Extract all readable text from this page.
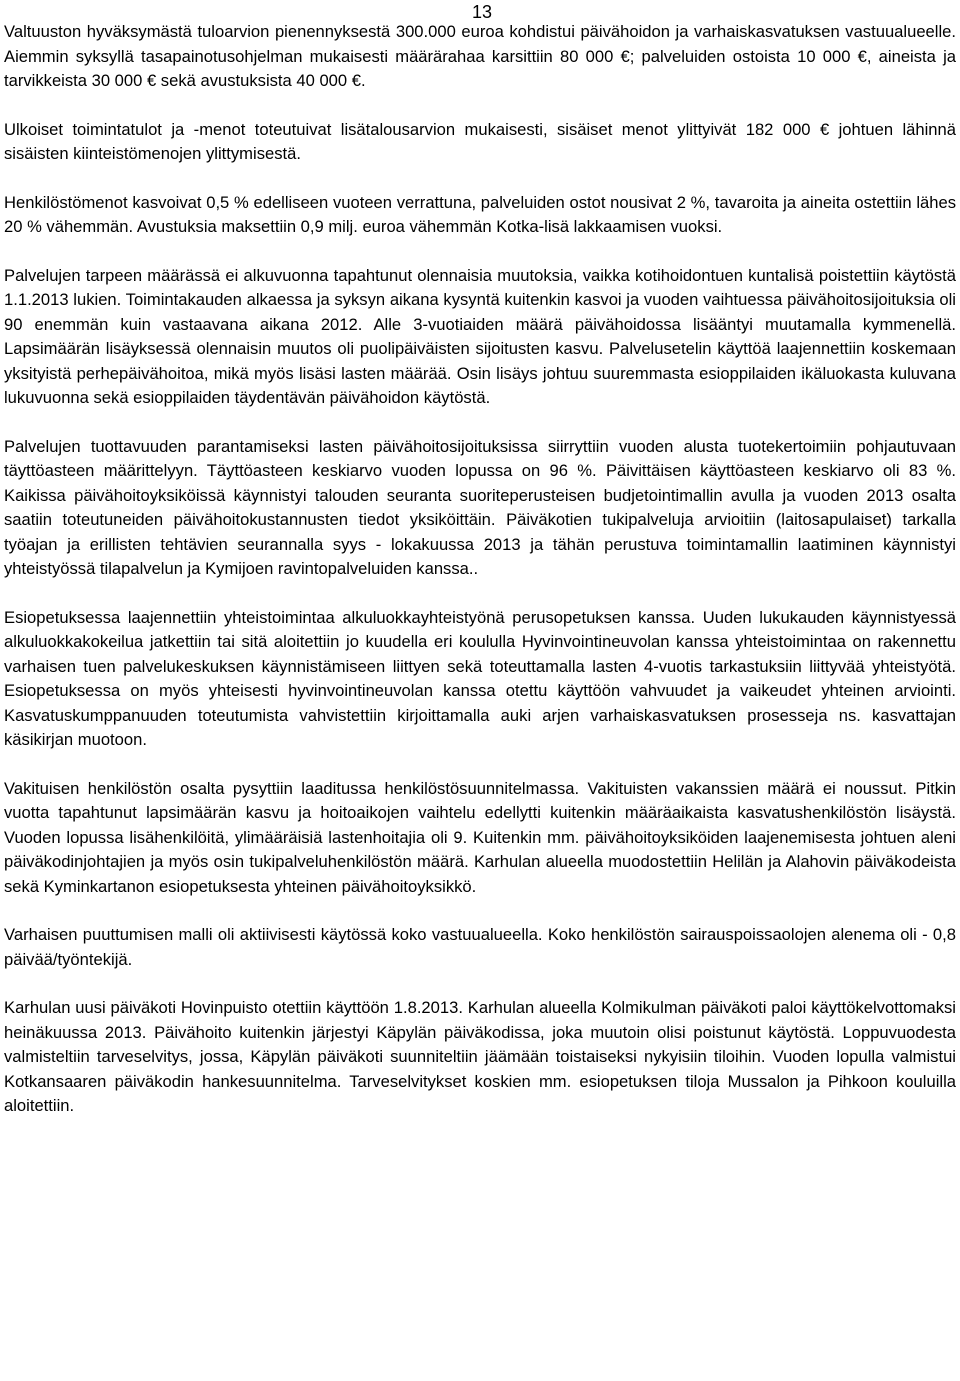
13

Valtuuston hyväksymästä tuloarvion pienennyksestä 300.000 euroa kohdistui päivähoidon ja varhaiskasvatuksen vastuualueelle. Aiemmin syksyllä tasapainotusohjelman mukaisesti määrärahaa karsittiin 80 000 €; palveluiden ostoista 10 000 €, aineista ja tarvikkeista 30 000 € sekä avustuksista 40 000 €.

Ulkoiset toimintatulot ja -menot toteutuivat lisätalousarvion mukaisesti, sisäiset menot ylittyivät 182 000 € johtuen lähinnä sisäisten kiinteistömenojen ylittymisestä.

Henkilöstömenot kasvoivat 0,5 % edelliseen vuoteen verrattuna, palveluiden ostot nousivat 2 %, tavaroita ja aineita ostettiin lähes 20 % vähemmän. Avustuksia maksettiin 0,9 milj. euroa vähemmän Kotka-lisä lakkaamisen vuoksi.

Palvelujen tarpeen määrässä ei alkuvuonna tapahtunut olennaisia muutoksia, vaikka kotihoidontuen kuntalisä poistettiin käytöstä 1.1.2013 lukien. Toimintakauden alkaessa ja syksyn aikana kysyntä kuitenkin kasvoi ja vuoden vaihtuessa päivähoitosijoituksia oli 90 enemmän kuin vastaavana aikana 2012. Alle 3-vuotiaiden määrä päivähoidossa lisääntyi muutamalla kymmenellä. Lapsimäärän lisäyksessä olennaisin muutos oli puolipäiväisten sijoitusten kasvu. Palvelusetelin käyttöä laajennettiin koskemaan yksityistä perhepäivähoitoa, mikä myös lisäsi lasten määrää. Osin lisäys johtuu suuremmasta esioppilaiden ikäluokasta kuluvana lukuvuonna sekä esioppilaiden täydentävän päivähoidon käytöstä.

Palvelujen tuottavuuden parantamiseksi lasten päivähoitosijoituksissa siirryttiin vuoden alusta tuotekertoimiin pohjautuvaan täyttöasteen määrittelyyn. Täyttöasteen keskiarvo vuoden lopussa on 96 %. Päivittäisen käyttöasteen keskiarvo oli 83 %. Kaikissa päivähoitoyksiköissä käynnistyi talouden seuranta suoriteperusteisen budjetointimallin avulla ja vuoden 2013 osalta saatiin toteutuneiden päivähoitokustannusten tiedot yksiköittäin. Päiväkotien tukipalveluja arvioitiin (laitosapulaiset) tarkalla työajan ja erillisten tehtävien seurannalla syys - lokakuussa 2013 ja tähän perustuva toimintamallin laatiminen käynnistyi yhteistyössä tilapalvelun ja Kymijoen ravintopalveluiden kanssa..

Esiopetuksessa laajennettiin yhteistoimintaa alkuluokkayhteistyönä perusopetuksen kanssa. Uuden lukukauden käynnistyessä alkuluokkakokeilua jatkettiin tai sitä aloitettiin jo kuudella eri koululla Hyvinvointineuvolan kanssa yhteistoimintaa on rakennettu varhaisen tuen palvelukeskuksen käynnistämiseen liittyen sekä toteuttamalla lasten 4-vuotis tarkastuksiin liittyvää yhteistyötä. Esiopetuksessa on myös yhteisesti hyvinvointineuvolan kanssa otettu käyttöön vahvuudet ja vaikeudet yhteinen arviointi. Kasvatuskumppanuuden toteutumista vahvistettiin kirjoittamalla auki arjen varhaiskasvatuksen prosesseja ns. kasvattajan käsikirjan muotoon.

Vakituisen henkilöstön osalta pysyttiin laaditussa henkilöstösuunnitelmassa. Vakituisten vakanssien määrä ei noussut. Pitkin vuotta tapahtunut lapsimäärän kasvu ja hoitoaikojen vaihtelu edellytti kuitenkin määräaikaista kasvatushenkilöstön lisäystä. Vuoden lopussa lisähenkilöitä, ylimääräisiä lastenhoitajia oli 9. Kuitenkin mm. päivähoitoyksiköiden laajenemisesta johtuen aleni päiväkodinjohtajien ja myös osin tukipalveluhenkilöstön määrä. Karhulan alueella muodostettiin Helilän ja Alahovin päiväkodeista sekä Kyminkartanon esiopetuksesta yhteinen päivähoitoyksikkö.

Varhaisen puuttumisen malli oli aktiivisesti käytössä koko vastuualueella. Koko henkilöstön sairauspoissaolojen alenema oli - 0,8 päivää/työntekijä.

Karhulan uusi päiväkoti Hovinpuisto otettiin käyttöön 1.8.2013. Karhulan alueella Kolmikulman päiväkoti paloi käyttökelvottomaksi heinäkuussa 2013. Päivähoito kuitenkin järjestyi Käpylän päiväkodissa, joka muutoin olisi poistunut käytöstä. Loppuvuodesta valmisteltiin tarveselvitys, jossa, Käpylän päiväkoti suunniteltiin jäämään toistaiseksi nykyisiin tiloihin. Vuoden lopulla valmistui Kotkansaaren päiväkodin hankesuunnitelma. Tarveselvitykset koskien mm. esiopetuksen tiloja Mussalon ja Pihkoon kouluilla aloitettiin.
